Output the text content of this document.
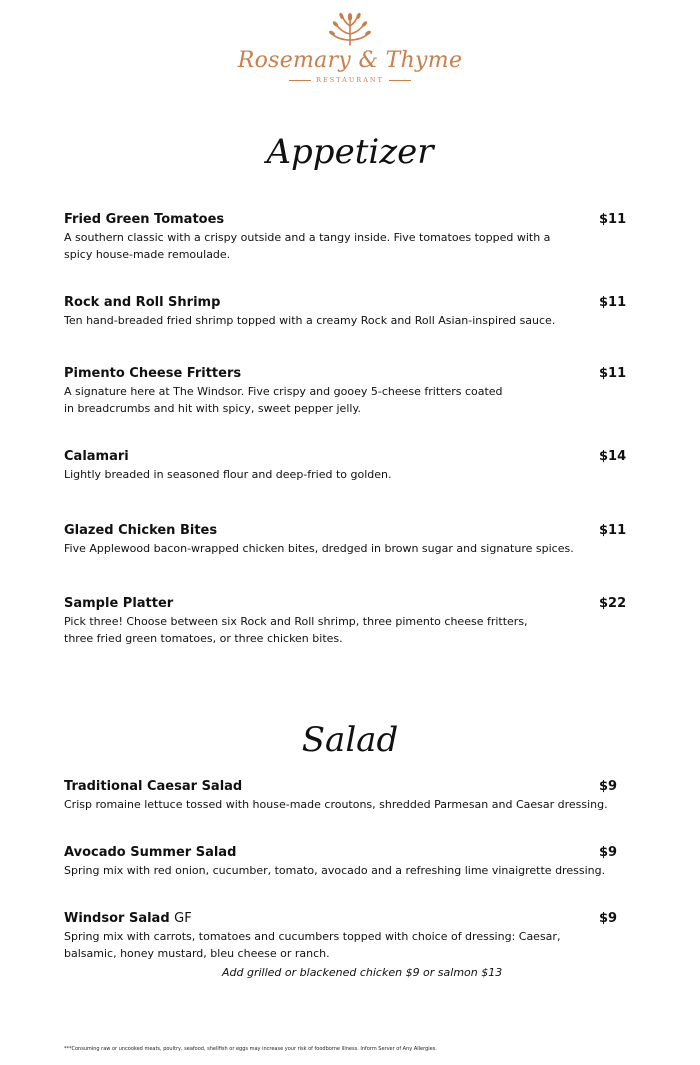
Rosemary & Thyme
RESTAURANT
Appetizer
Fried Green Tomatoes
A southern classic with a crispy outside and a tangy inside. Five tomatoes topped with a
spicy house-made remoulade.
$11
Rock and Roll Shrimp
Ten hand-breaded fried shrimp topped with a creamy Rock and Roll Asian-inspired sauce.
$11
Pimento Cheese Fritters
A signature here at The Windsor. Five crispy and gooey 5-cheese fritters coated
in breadcrumbs and hit with spicy, sweet pepper jelly.
$11
Calamari
Lightly breaded in seasoned flour and deep-fried to golden.
$14
Glazed Chicken Bites
Five Applewood bacon-wrapped chicken bites, dredged in brown sugar and signature spices.
$11
Sample Platter
Pick three! Choose between six Rock and Roll shrimp, three pimento cheese fritters,
three fried green tomatoes, or three chicken bites.
$22
Salad
Traditional Caesar Salad
Crisp romaine lettuce tossed with house-made croutons, shredded Parmesan and Caesar dressing.
$9
Avocado Summer Salad
Spring mix with red onion, cucumber, tomato, avocado and a refreshing lime vinaigrette dressing.
$9
Windsor Salad GF
Spring mix with carrots, tomatoes and cucumbers topped with choice of dressing: Caesar,
balsamic, honey mustard, bleu cheese or ranch.
$9
Add grilled or blackened chicken $9 or salmon $13
***Consuming raw or uncooked meats, poultry, seafood, shellfish or eggs may increase your risk of foodborne illness. Inform Server of Any Allergies.
